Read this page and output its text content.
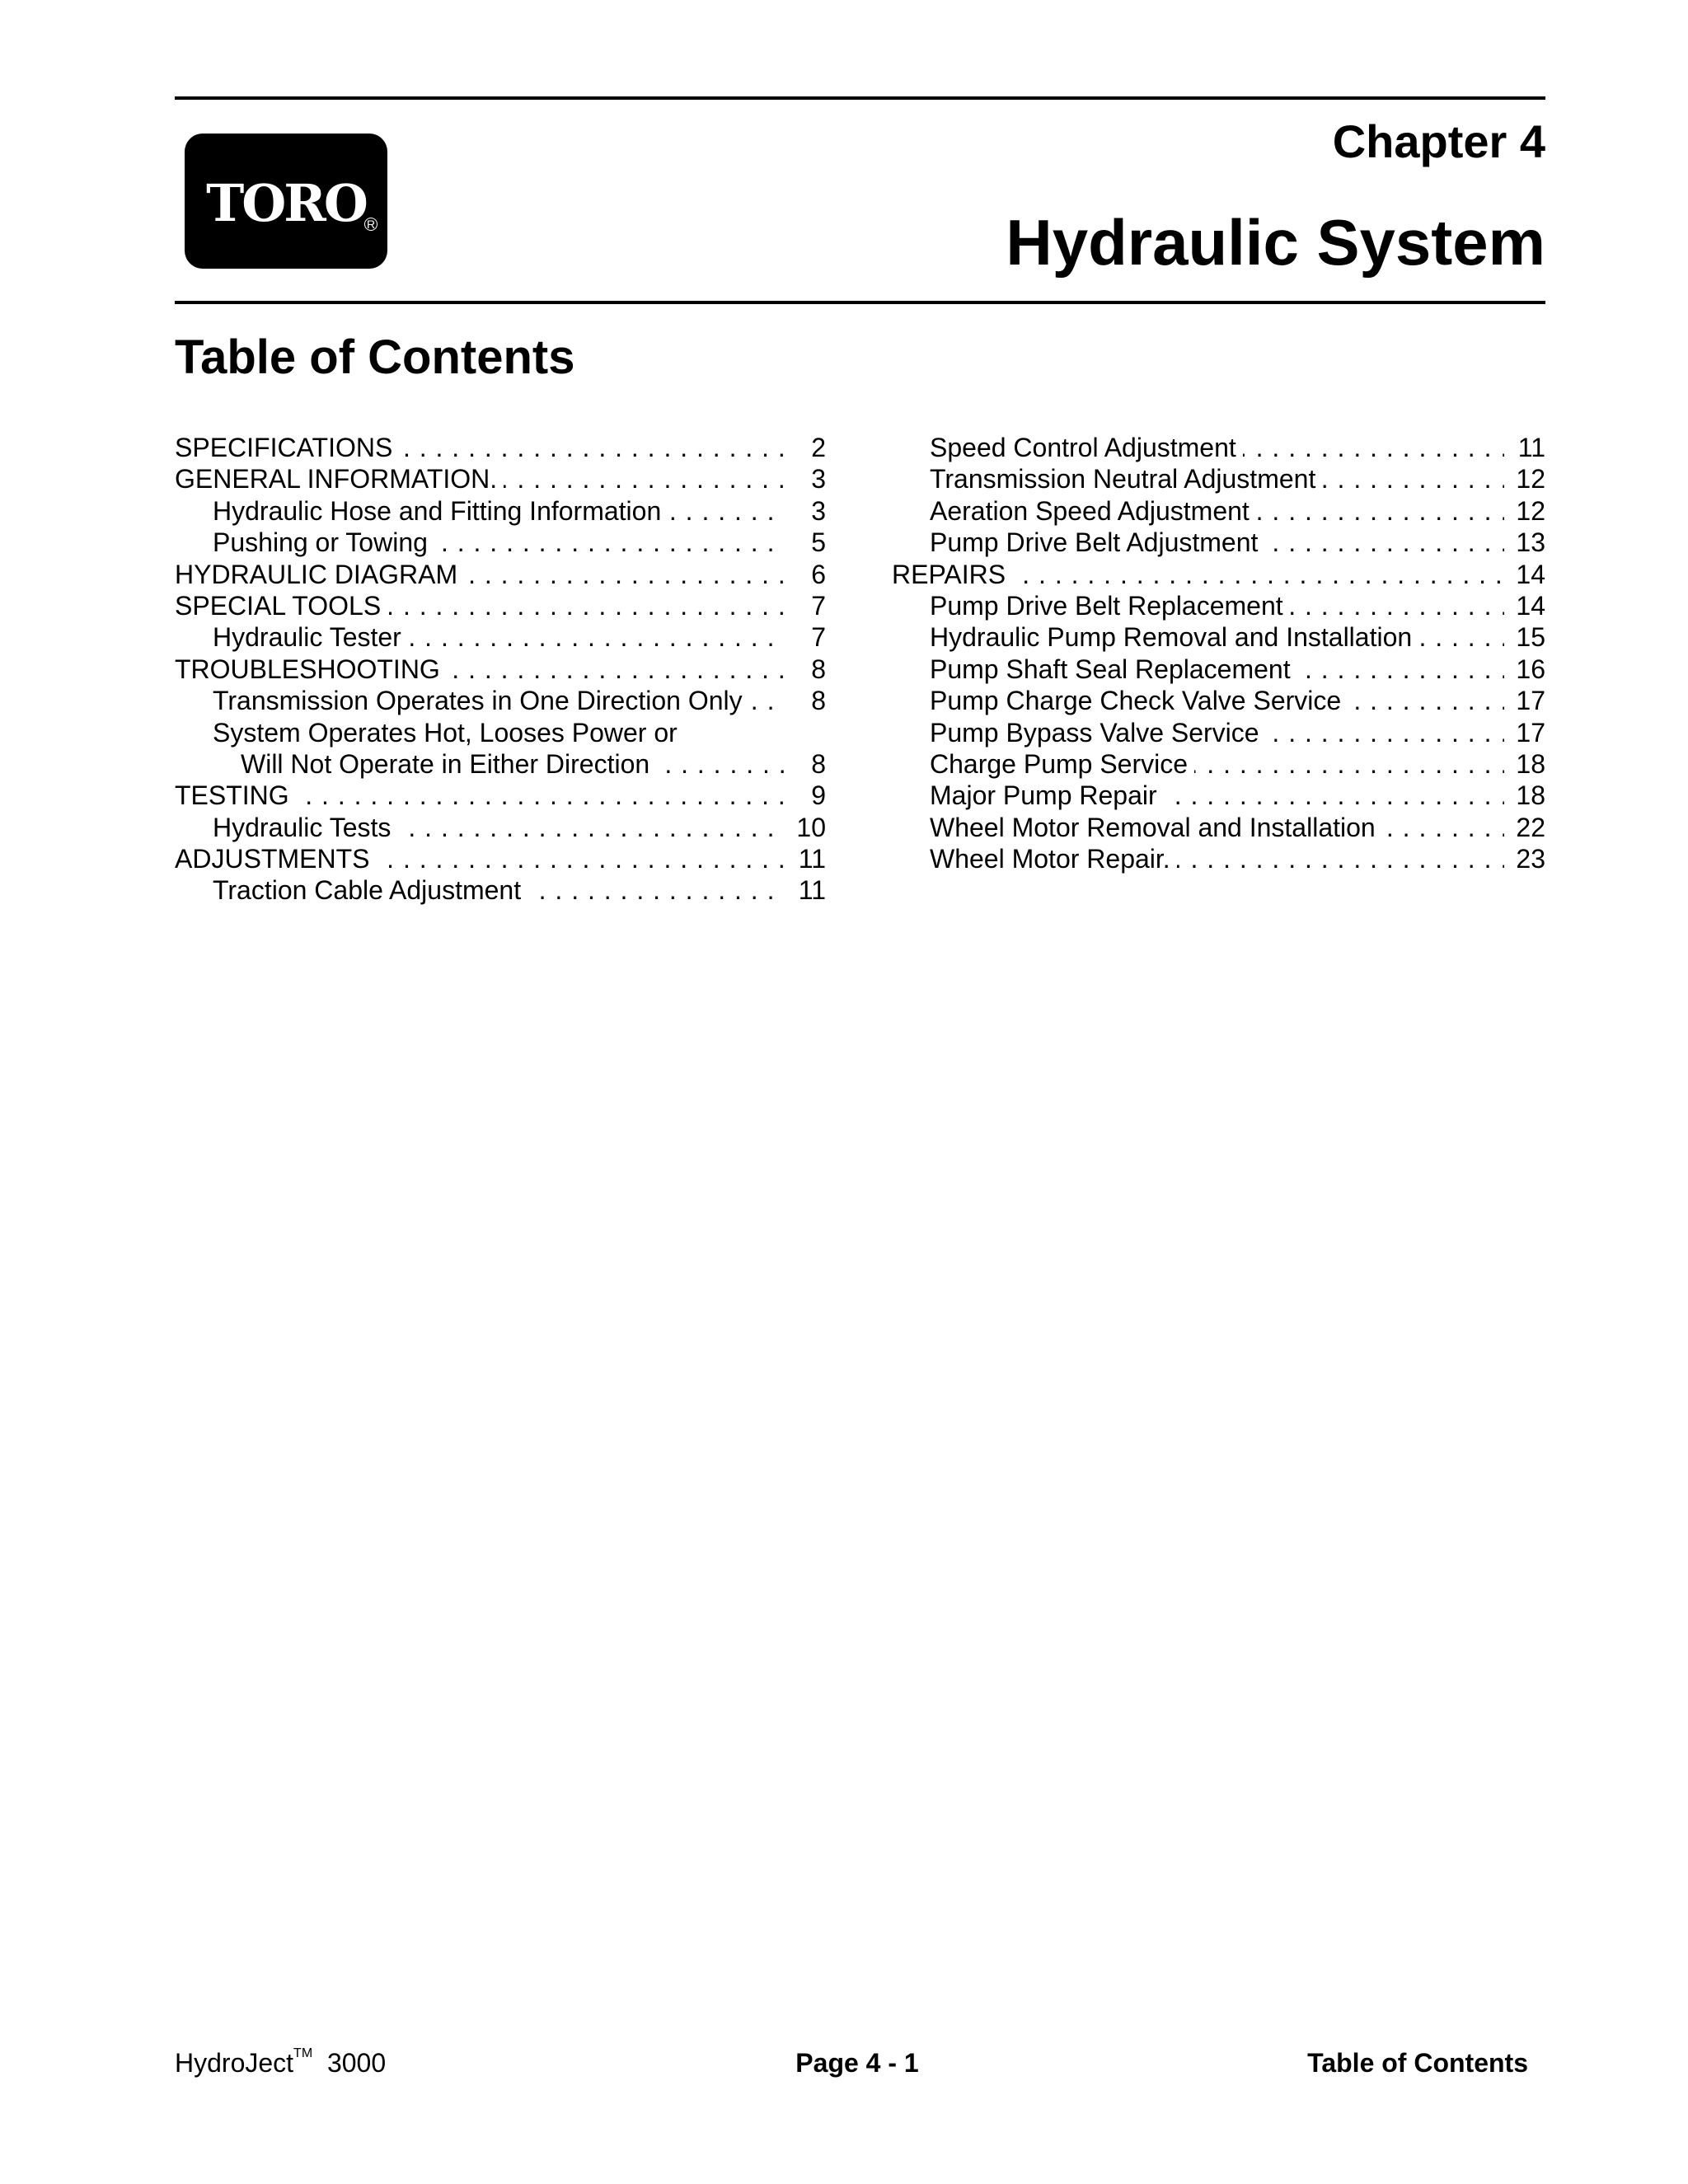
TORO R
Chapter 4
Hydraulic System
Table of Contents
. . .
SPECIFICATIONS	2
. . .
GENERAL INFORMATION.	3
. . .
Hydraulic Hose and Fitting Information	3
. . .
Pushing or Towing	5
. . .
HYDRAULIC DIAGRAM	6
. . .
SPECIAL TOOLS	7
. . .
Hydraulic Tester	7
. . .
TROUBLESHOOTING	8
. . .
Transmission Operates in One Direction Only	8
System Operates Hot, Looses Power or
. . .
Will Not Operate in Either Direction	8
. . .
TESTING	9
. . .
Hydraulic Tests	10
. . .
ADJUSTMENTS	11
. . .
Traction Cable Adjustment	11
. . .
Speed Control Adjustment	11
. . .
Transmission Neutral Adjustment	12
. . .
Aeration Speed Adjustment	12
. . .
Pump Drive Belt Adjustment	13
. . .
REPAIRS	14
. . .
Pump Drive Belt Replacement	14
. . .
Hydraulic Pump Removal and Installation	15
. . .
Pump Shaft Seal Replacement	16
. . .
Pump Charge Check Valve Service	17
. . .
Pump Bypass Valve Service	17
. . .
Charge Pump Service	18
. . .
Major Pump Repair	18
. . .
Wheel Motor Removal and Installation	22
. . .
Wheel Motor Repair.	23
HydroJect™ 3000	Page 4 - 1	Table of Contents
